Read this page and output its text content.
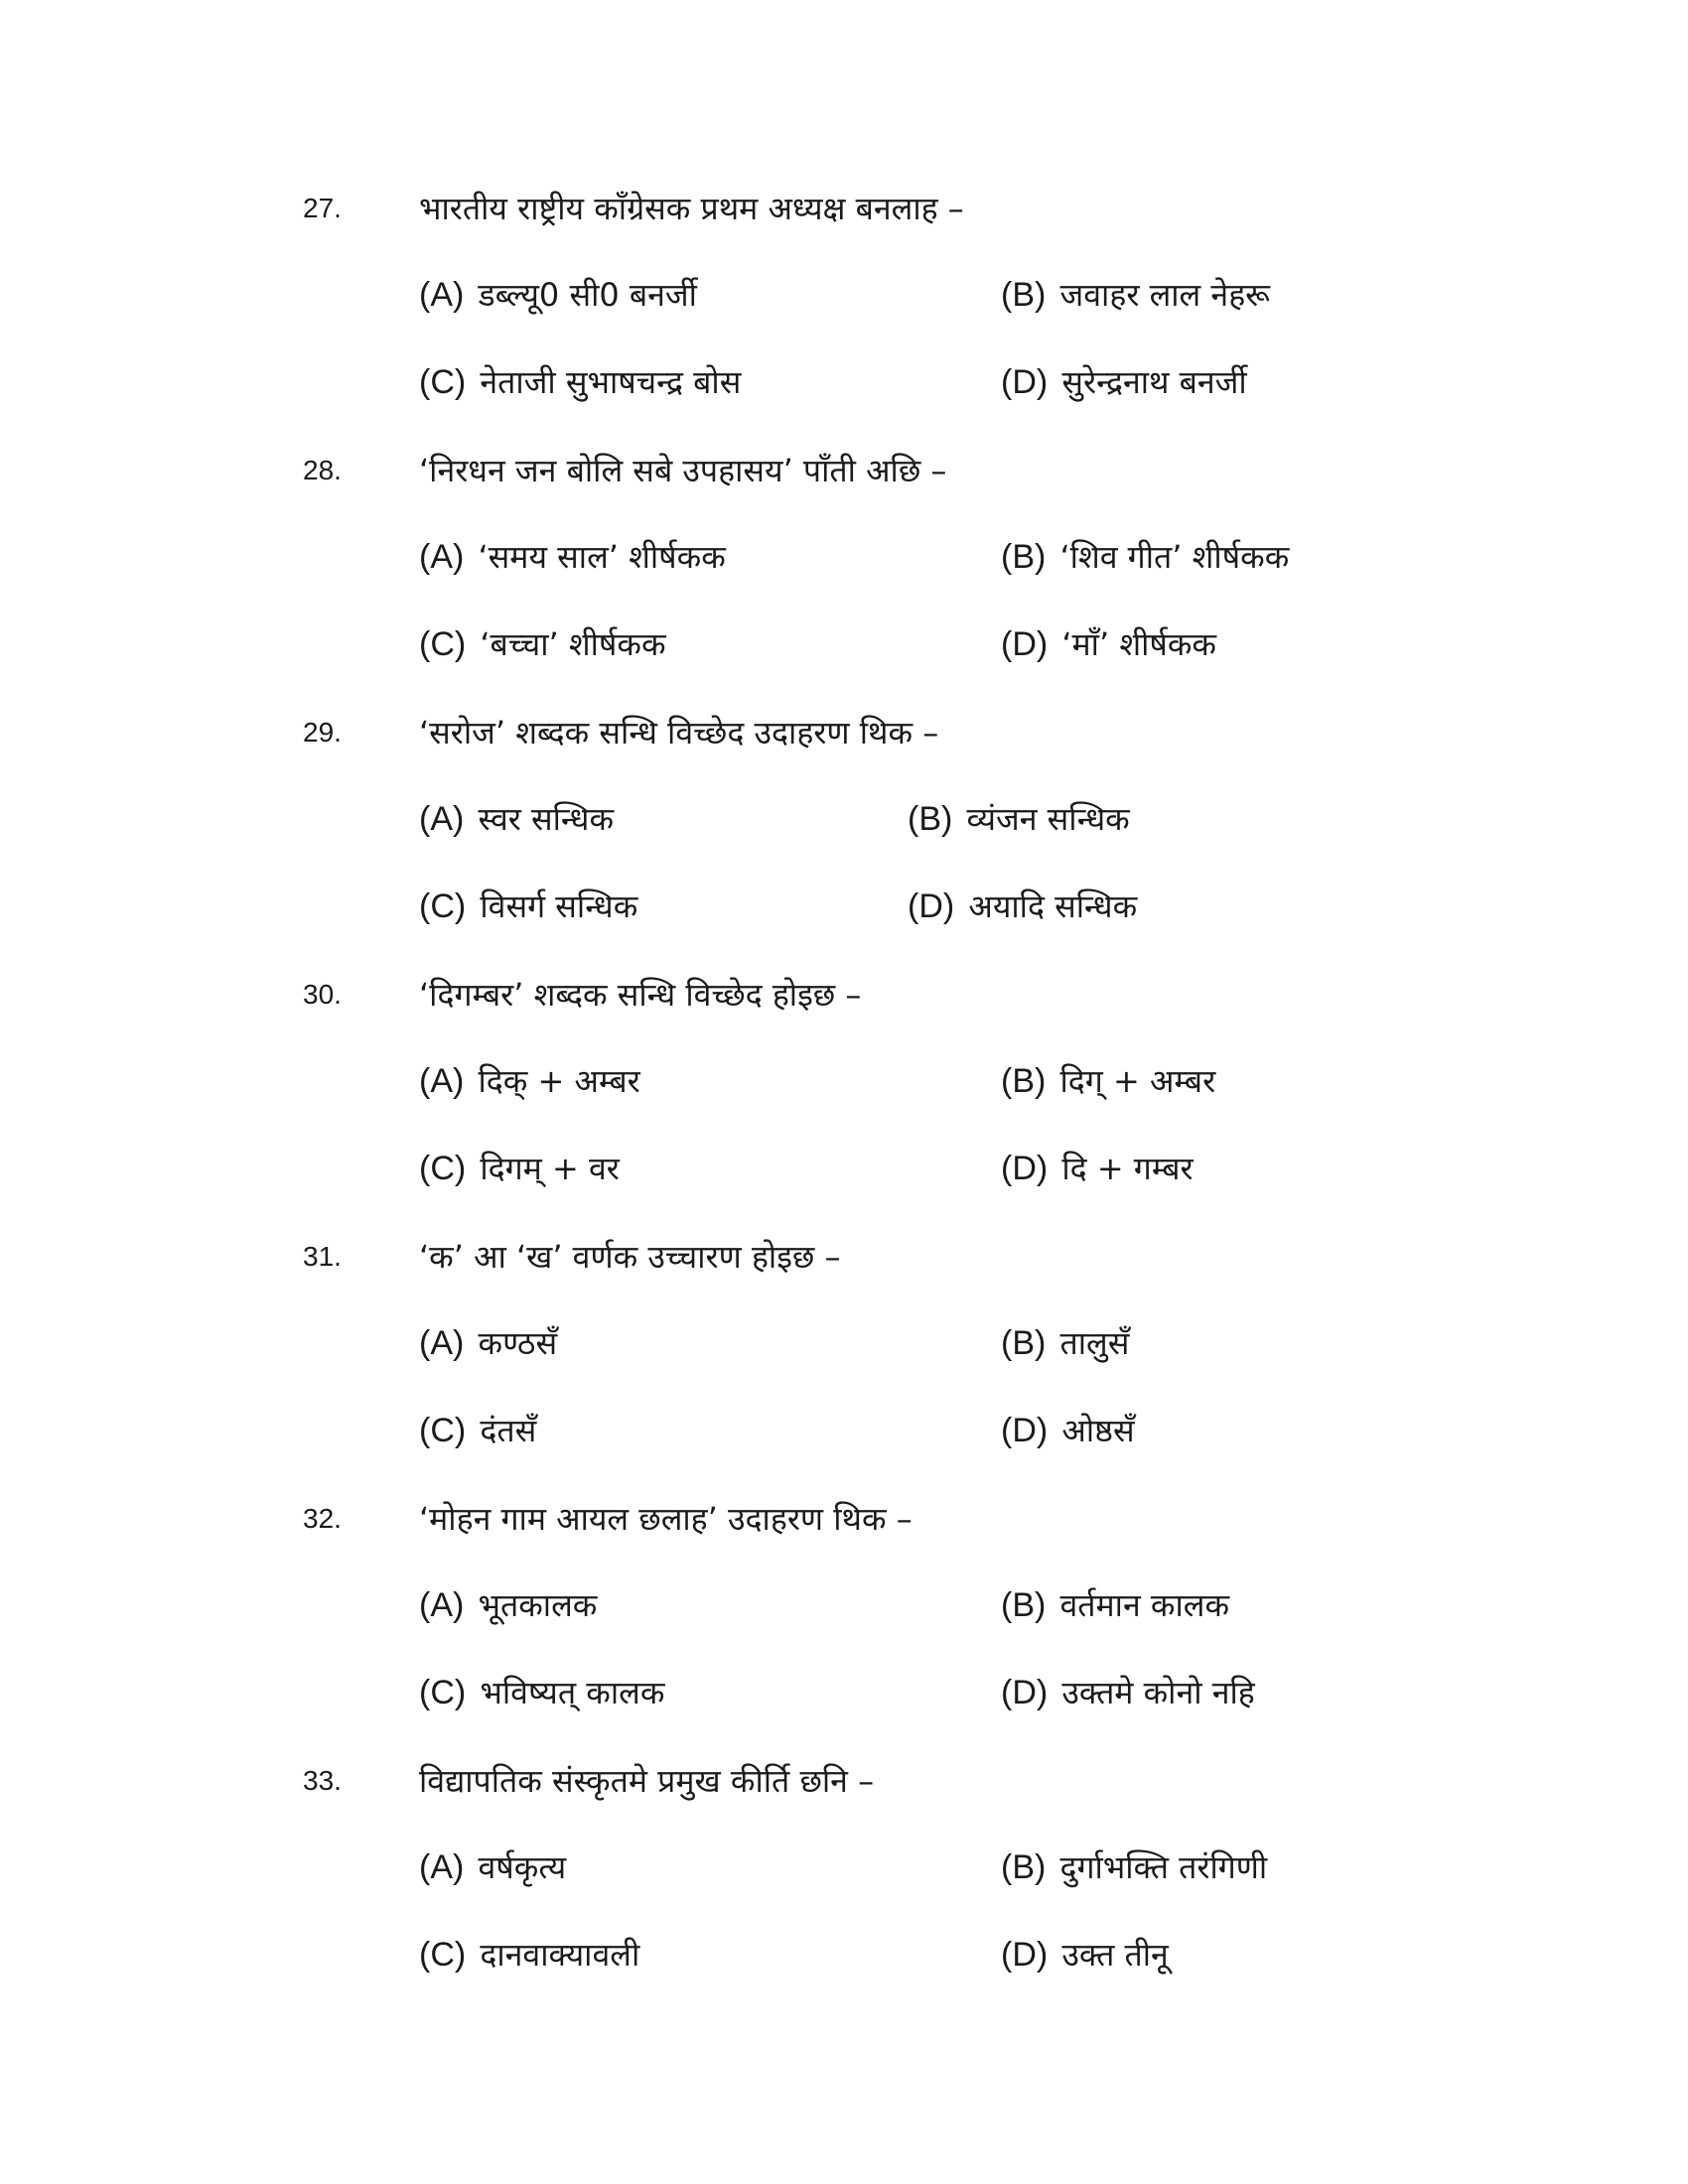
27. भारतीय राष्ट्रीय काँग्रेसक प्रथम अध्यक्ष बनलाह –
(A) डब्ल्यू0 सी0 बनर्जी	(B) जवाहर लाल नेहरू
(C) नेताजी सुभाषचन्द्र बोस	(D) सुरेन्द्रनाथ बनर्जी
28. ‘निरधन जन बोलि सबे उपहासय’ पाँती अछि –
(A) ‘समय साल’ शीर्षकक	(B) ‘शिव गीत’ शीर्षकक
(C) ‘बच्चा’ शीर्षकक	(D) ‘माँ’ शीर्षकक
29. ‘सरोज’ शब्दक सन्धि विच्छेद उदाहरण थिक –
(A) स्वर सन्धिक	(B) व्यंजन सन्धिक
(C) विसर्ग सन्धिक	(D) अयादि सन्धिक
30. ‘दिगम्बर’ शब्दक सन्धि विच्छेद होइछ –
(A) दिक् + अम्बर	(B) दिग् + अम्बर
(C) दिगम् + वर	(D) दि + गम्बर
31. ‘क’ आ ‘ख’ वर्णक उच्चारण होइछ –
(A) कण्ठसँ	(B) तालुसँ
(C) दंतसँ	(D) ओष्ठसँ
32. ‘मोहन गाम आयल छलाह’ उदाहरण थिक –
(A) भूतकालक	(B) वर्तमान कालक
(C) भविष्यत् कालक	(D) उक्तमे कोनो नहि
33. विद्यापतिक संस्कृतमे प्रमुख कीर्ति छनि –
(A) वर्षकृत्य	(B) दुर्गाभक्ति तरंगिणी
(C) दानवाक्यावली	(D) उक्त तीनू
